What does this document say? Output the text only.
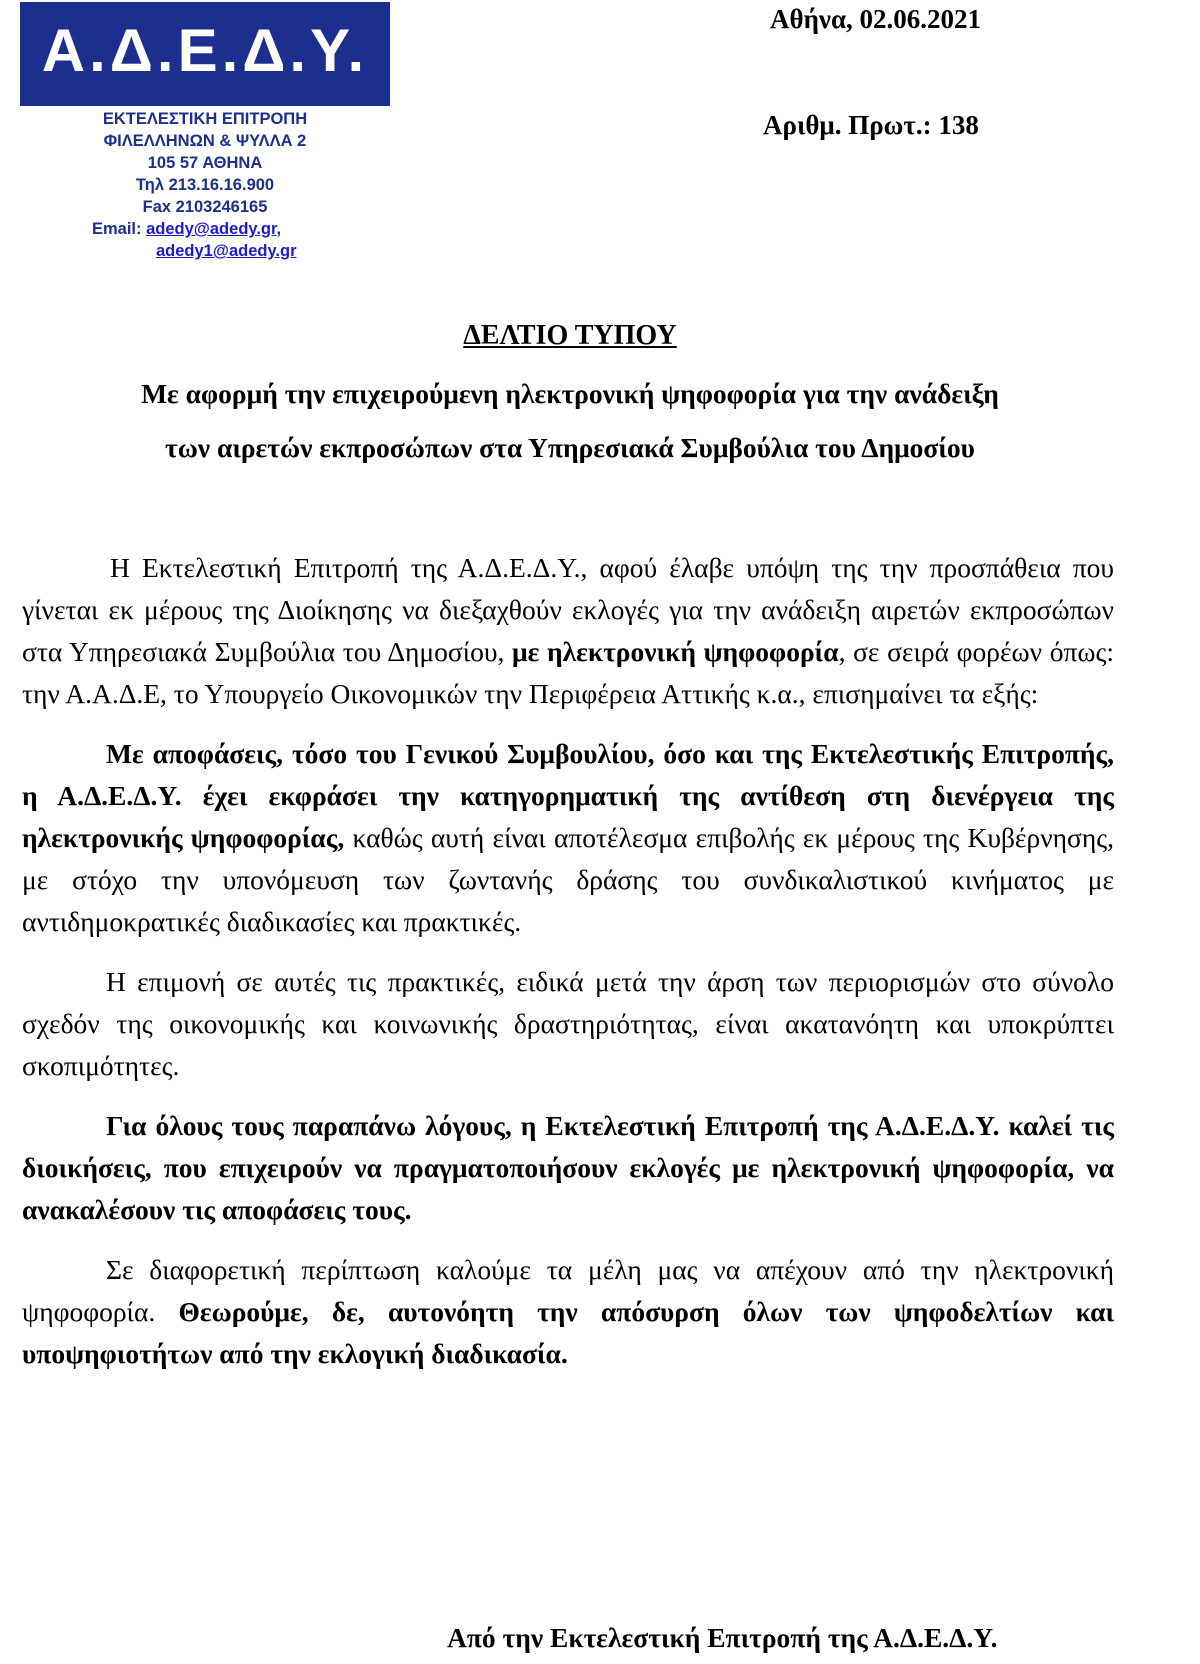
Α.Δ.Ε.Δ.Υ.
ΕΚΤΕΛΕΣΤΙΚΗ ΕΠΙΤΡΟΠΗ
ΦΙΛΕΛΛΗΝΩΝ & ΨΥΛΛΑ 2
105 57 ΑΘΗΝΑ
Τηλ 213.16.16.900
Fax 2103246165
Email: adedy@adedy.gr,
adedy1@adedy.gr
Αθήνα, 02.06.2021
Αριθμ. Πρωτ.: 138
ΔΕΛΤΙΟ ΤΥΠΟΥ
Με αφορμή την επιχειρούμενη ηλεκτρονική ψηφοφορία για την ανάδειξη
των αιρετών εκπροσώπων στα Υπηρεσιακά Συμβούλια του Δημοσίου

Η Εκτελεστική Επιτροπή της Α.Δ.Ε.Δ.Υ., αφού έλαβε υπόψη της την προσπάθεια που γίνεται εκ μέρους της Διοίκησης να διεξαχθούν εκλογές για την ανάδειξη αιρετών εκπροσώπων στα Υπηρεσιακά Συμβούλια του Δημοσίου, με ηλεκτρονική ψηφοφορία, σε σειρά φορέων όπως: την Α.Α.Δ.Ε, το Υπουργείο Οικονομικών την Περιφέρεια Αττικής κ.α., επισημαίνει τα εξής:

Με αποφάσεις, τόσο του Γενικού Συμβουλίου, όσο και της Εκτελεστικής Επιτροπής, η Α.Δ.Ε.Δ.Υ. έχει εκφράσει την κατηγορηματική της αντίθεση στη διενέργεια της ηλεκτρονικής ψηφοφορίας, καθώς αυτή είναι αποτέλεσμα επιβολής εκ μέρους της Κυβέρνησης, με στόχο την υπονόμευση των ζωντανής δράσης του συνδικαλιστικού κινήματος με αντιδημοκρατικές διαδικασίες και πρακτικές.

Η επιμονή σε αυτές τις πρακτικές, ειδικά μετά την άρση των περιορισμών στο σύνολο σχεδόν της οικονομικής και κοινωνικής δραστηριότητας, είναι ακατανόητη και υποκρύπτει σκοπιμότητες.

Για όλους τους παραπάνω λόγους, η Εκτελεστική Επιτροπή της Α.Δ.Ε.Δ.Υ. καλεί τις διοικήσεις, που επιχειρούν να πραγματοποιήσουν εκλογές με ηλεκτρονική ψηφοφορία, να ανακαλέσουν τις αποφάσεις τους.

Σε διαφορετική περίπτωση καλούμε τα μέλη μας να απέχουν από την ηλεκτρονική ψηφοφορία. Θεωρούμε, δε, αυτονόητη την απόσυρση όλων των ψηφοδελτίων και υποψηφιοτήτων από την εκλογική διαδικασία.

Από την Εκτελεστική Επιτροπή της Α.Δ.Ε.Δ.Υ.
